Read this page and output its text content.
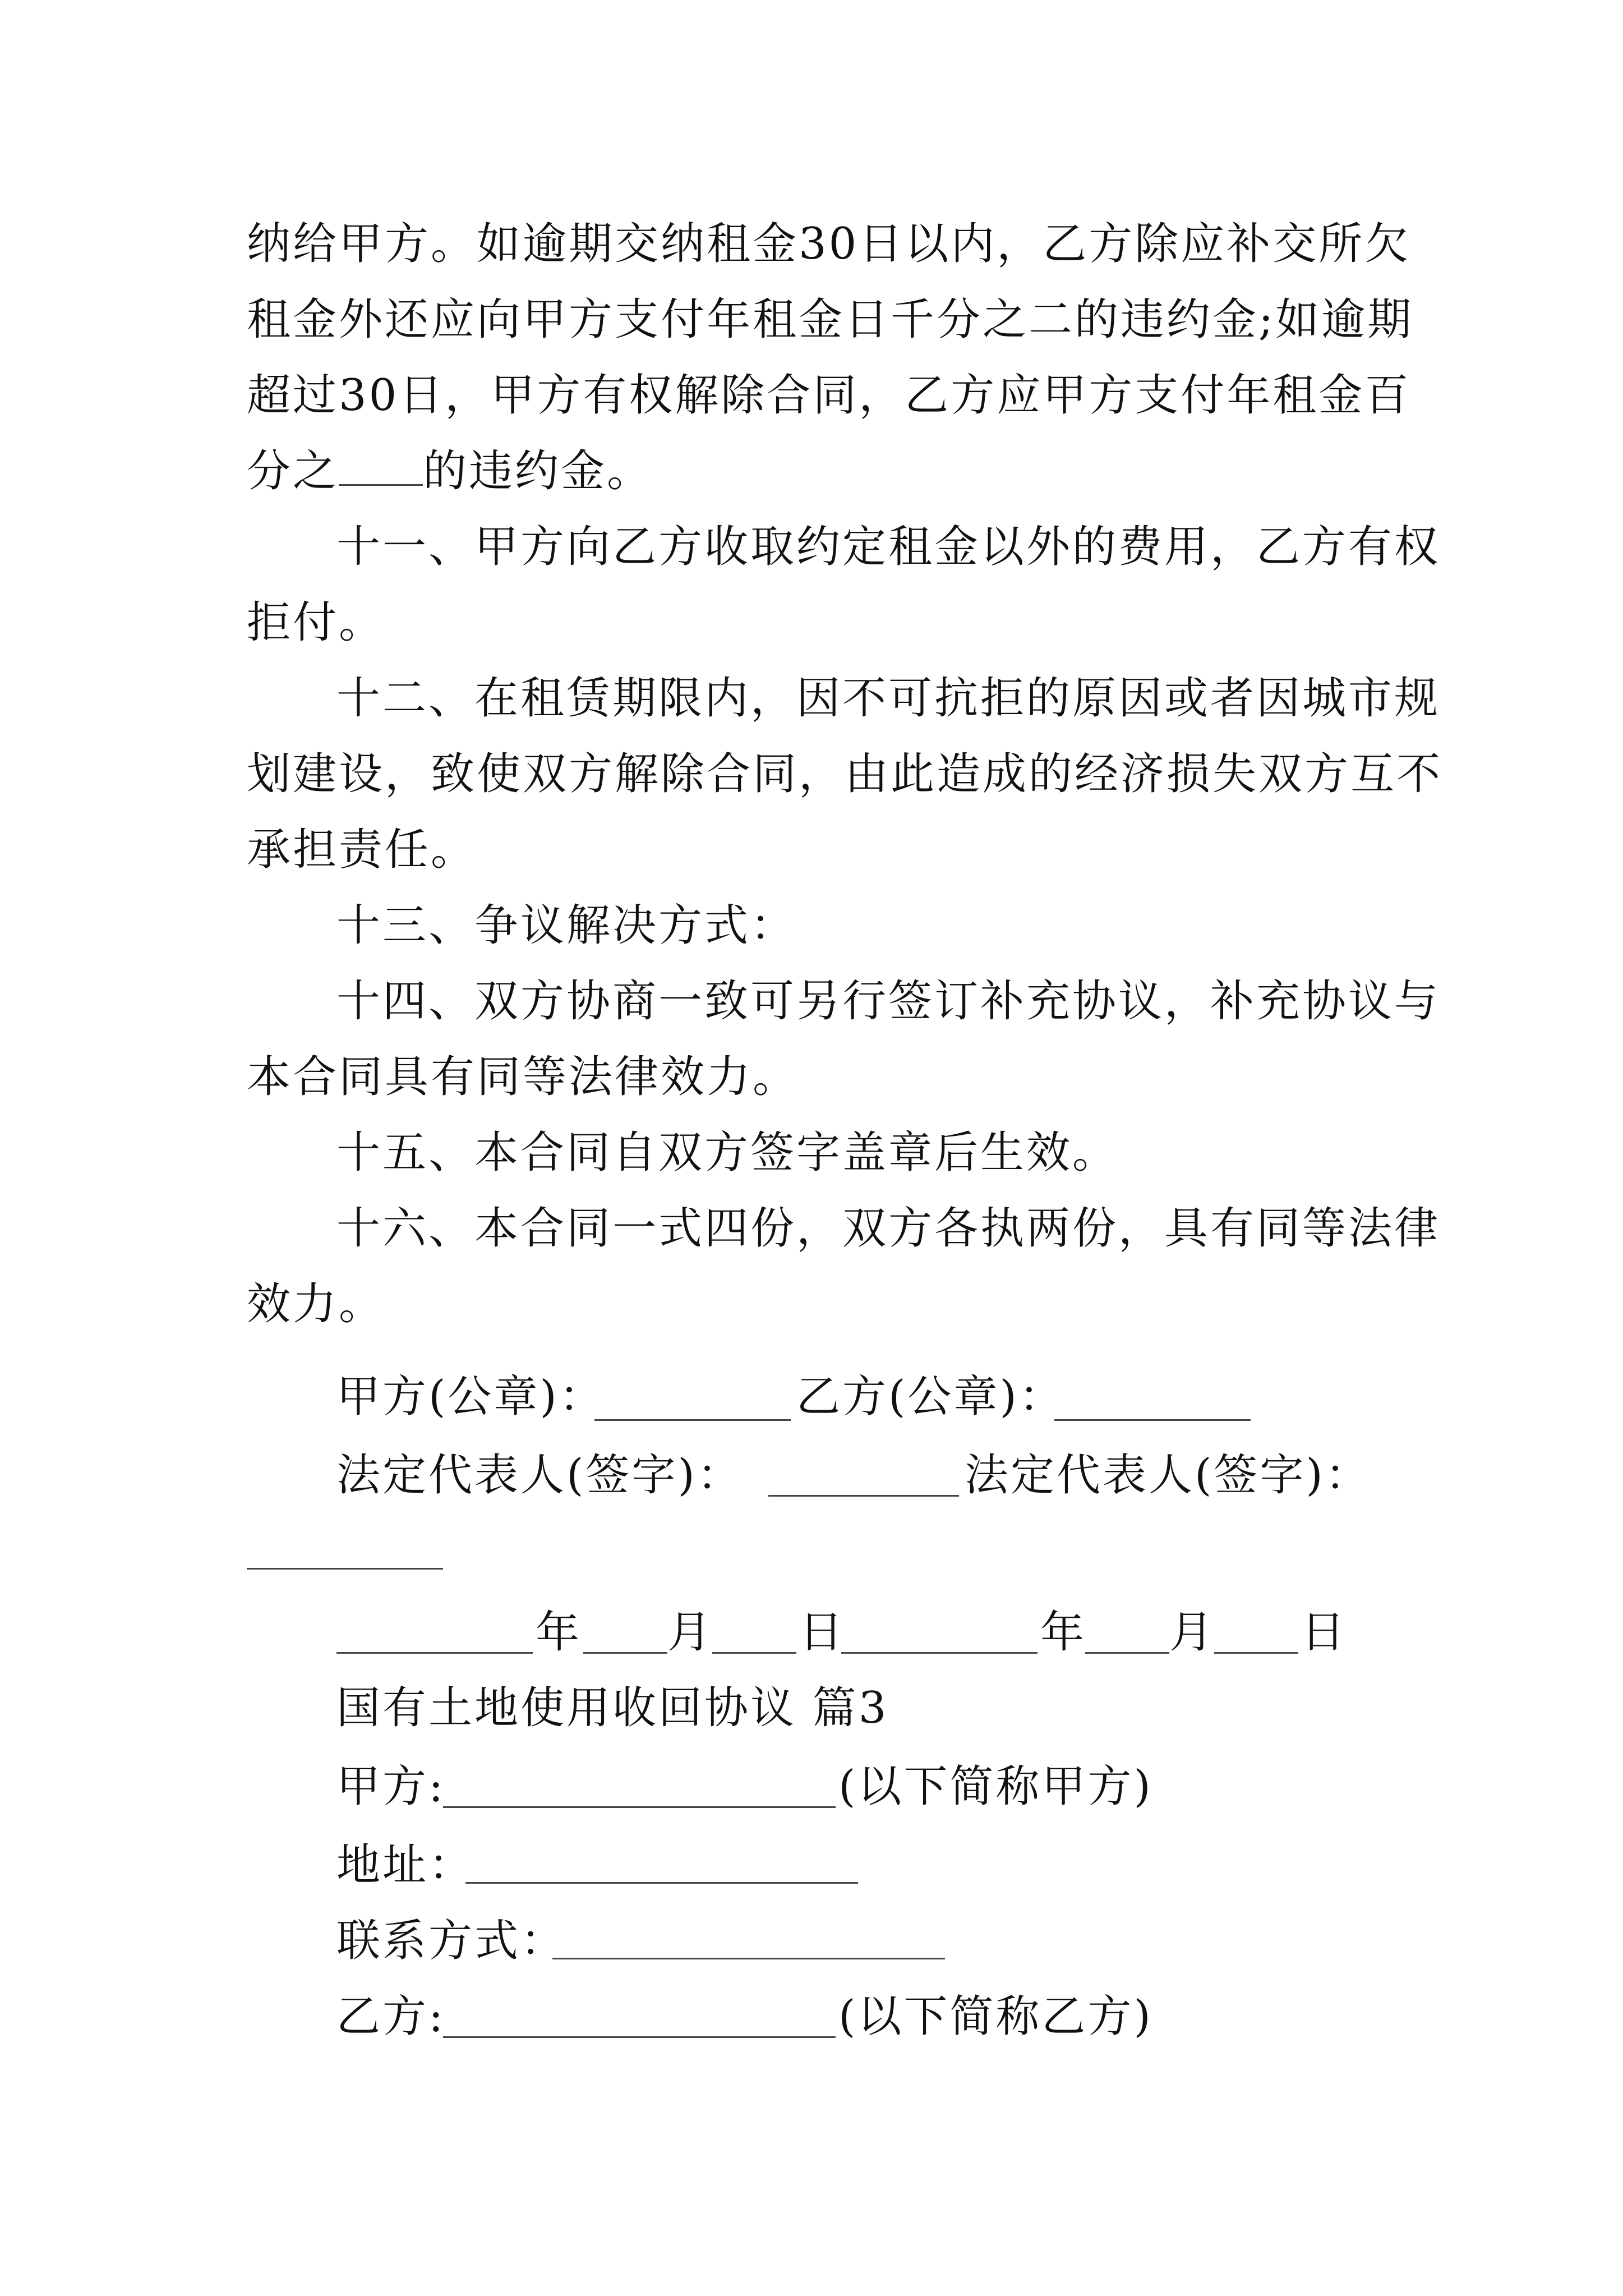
纳给甲方。如逾期交纳租金30日以内，乙方除应补交所欠
租金外还应向甲方支付年租金日千分之二的违约金;如逾期
超过30日，甲方有权解除合同，乙方应甲方支付年租金百
分之 的违约金。
十一、甲方向乙方收取约定租金以外的费用，乙方有权
拒付。
十二、在租赁期限内，因不可抗拒的原因或者因城市规
划建设，致使双方解除合同，由此造成的经济损失双方互不
承担责任。
十三、争议解决方式：
十四、双方协商一致可另行签订补充协议，补充协议与
本合同具有同等法律效力。
十五、本合同自双方签字盖章后生效。
十六、本合同一式四份，双方各执两份，具有同等法律
效力。
甲方(公章)：	乙方(公章)：
法定代表人(签字)：	法定代表人(签字)：
年 月 日	年 月 日
国有土地使用收回协议 篇3
甲方:	(以下简称甲方)
地址：
联系方式：
乙方:	(以下简称乙方)
